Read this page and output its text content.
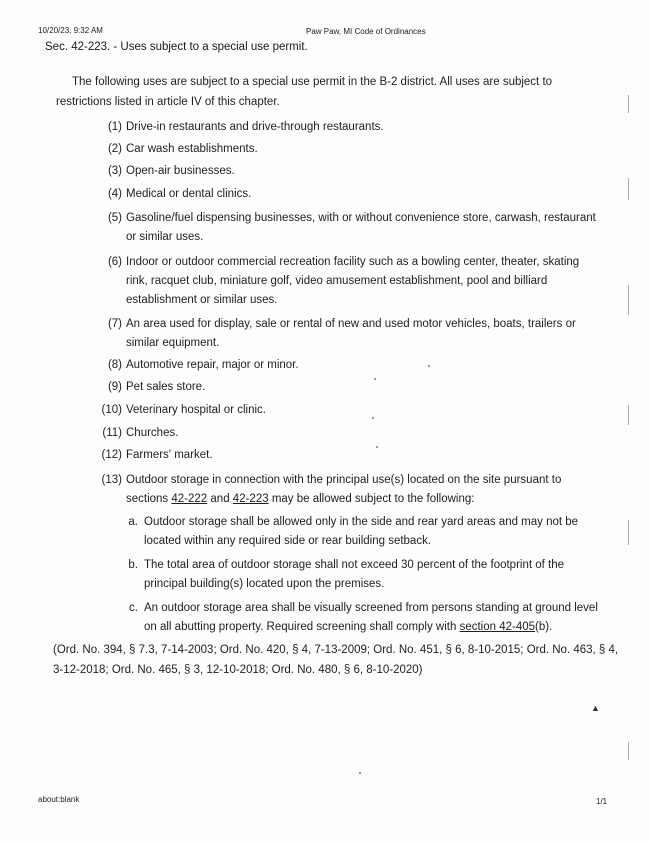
10/20/23, 9:32 AM	Paw Paw, MI Code of Ordinances
Sec. 42-223. - Uses subject to a special use permit.
The following uses are subject to a special use permit in the B-2 district. All uses are subject to restrictions listed in article IV of this chapter.
(1) Drive-in restaurants and drive-through restaurants.
(2) Car wash establishments.
(3) Open-air businesses.
(4) Medical or dental clinics.
(5) Gasoline/fuel dispensing businesses, with or without convenience store, carwash, restaurant
or similar uses.
(6) Indoor or outdoor commercial recreation facility such as a bowling center, theater, skating
rink, racquet club, miniature golf, video amusement establishment, pool and billiard
establishment or similar uses.
(7) An area used for display, sale or rental of new and used motor vehicles, boats, trailers or
similar equipment.
(8) Automotive repair, major or minor.
(9) Pet sales store.
(10) Veterinary hospital or clinic.
(11) Churches.
(12) Farmers' market.
(13) Outdoor storage in connection with the principal use(s) located on the site pursuant to
sections 42-222 and 42-223 may be allowed subject to the following:
a. Outdoor storage shall be allowed only in the side and rear yard areas and may not be
located within any required side or rear building setback.
b. The total area of outdoor storage shall not exceed 30 percent of the footprint of the
principal building(s) located upon the premises.
c. An outdoor storage area shall be visually screened from persons standing at ground level
on all abutting property. Required screening shall comply with section 42-405(b).
(Ord. No. 394, § 7.3, 7-14-2003; Ord. No. 420, § 4, 7-13-2009; Ord. No. 451, § 6, 8-10-2015; Ord. No. 463, § 4, 3-12-2018; Ord. No. 465, § 3, 12-10-2018; Ord. No. 480, § 6, 8-10-2020)
about:blank	1/1
▲
